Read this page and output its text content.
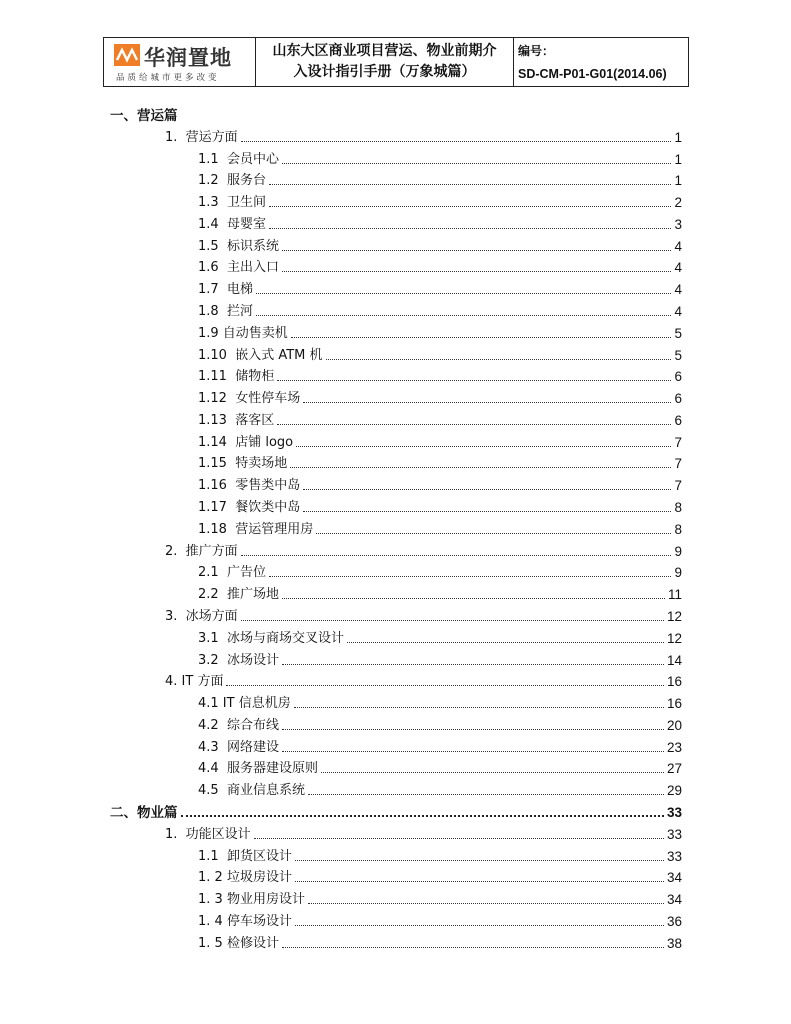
华润置地
品质给城市更多改变
山东大区商业项目营运、物业前期介
入设计指引手册（万象城篇）
编号：
SD-CM-P01-G01(2014.06)
一、营运篇
1.  营运方面	1
1.1  会员中心	1
1.2  服务台	1
1.3  卫生间	2
1.4  母婴室	3
1.5  标识系统	4
1.6  主出入口	4
1.7  电梯	4
1.8  拦河	4
1.9 自动售卖机	5
1.10  嵌入式 ATM 机	5
1.11  储物柜	6
1.12  女性停车场	6
1.13  落客区	6
1.14  店铺 logo	7
1.15  特卖场地	7
1.16  零售类中岛	7
1.17  餐饮类中岛	8
1.18  营运管理用房	8
2.  推广方面	9
2.1  广告位	9
2.2  推广场地	11
3.  冰场方面	12
3.1  冰场与商场交叉设计	12
3.2  冰场设计	14
4. IT 方面	16
4.1 IT 信息机房	16
4.2  综合布线	20
4.3  网络建设	23
4.4  服务器建设原则	27
4.5  商业信息系统	29
二、物业篇	33
1.  功能区设计	33
1.1  卸货区设计	33
1. 2 垃圾房设计	34
1. 3 物业用房设计	34
1. 4 停车场设计	36
1. 5 检修设计	38
